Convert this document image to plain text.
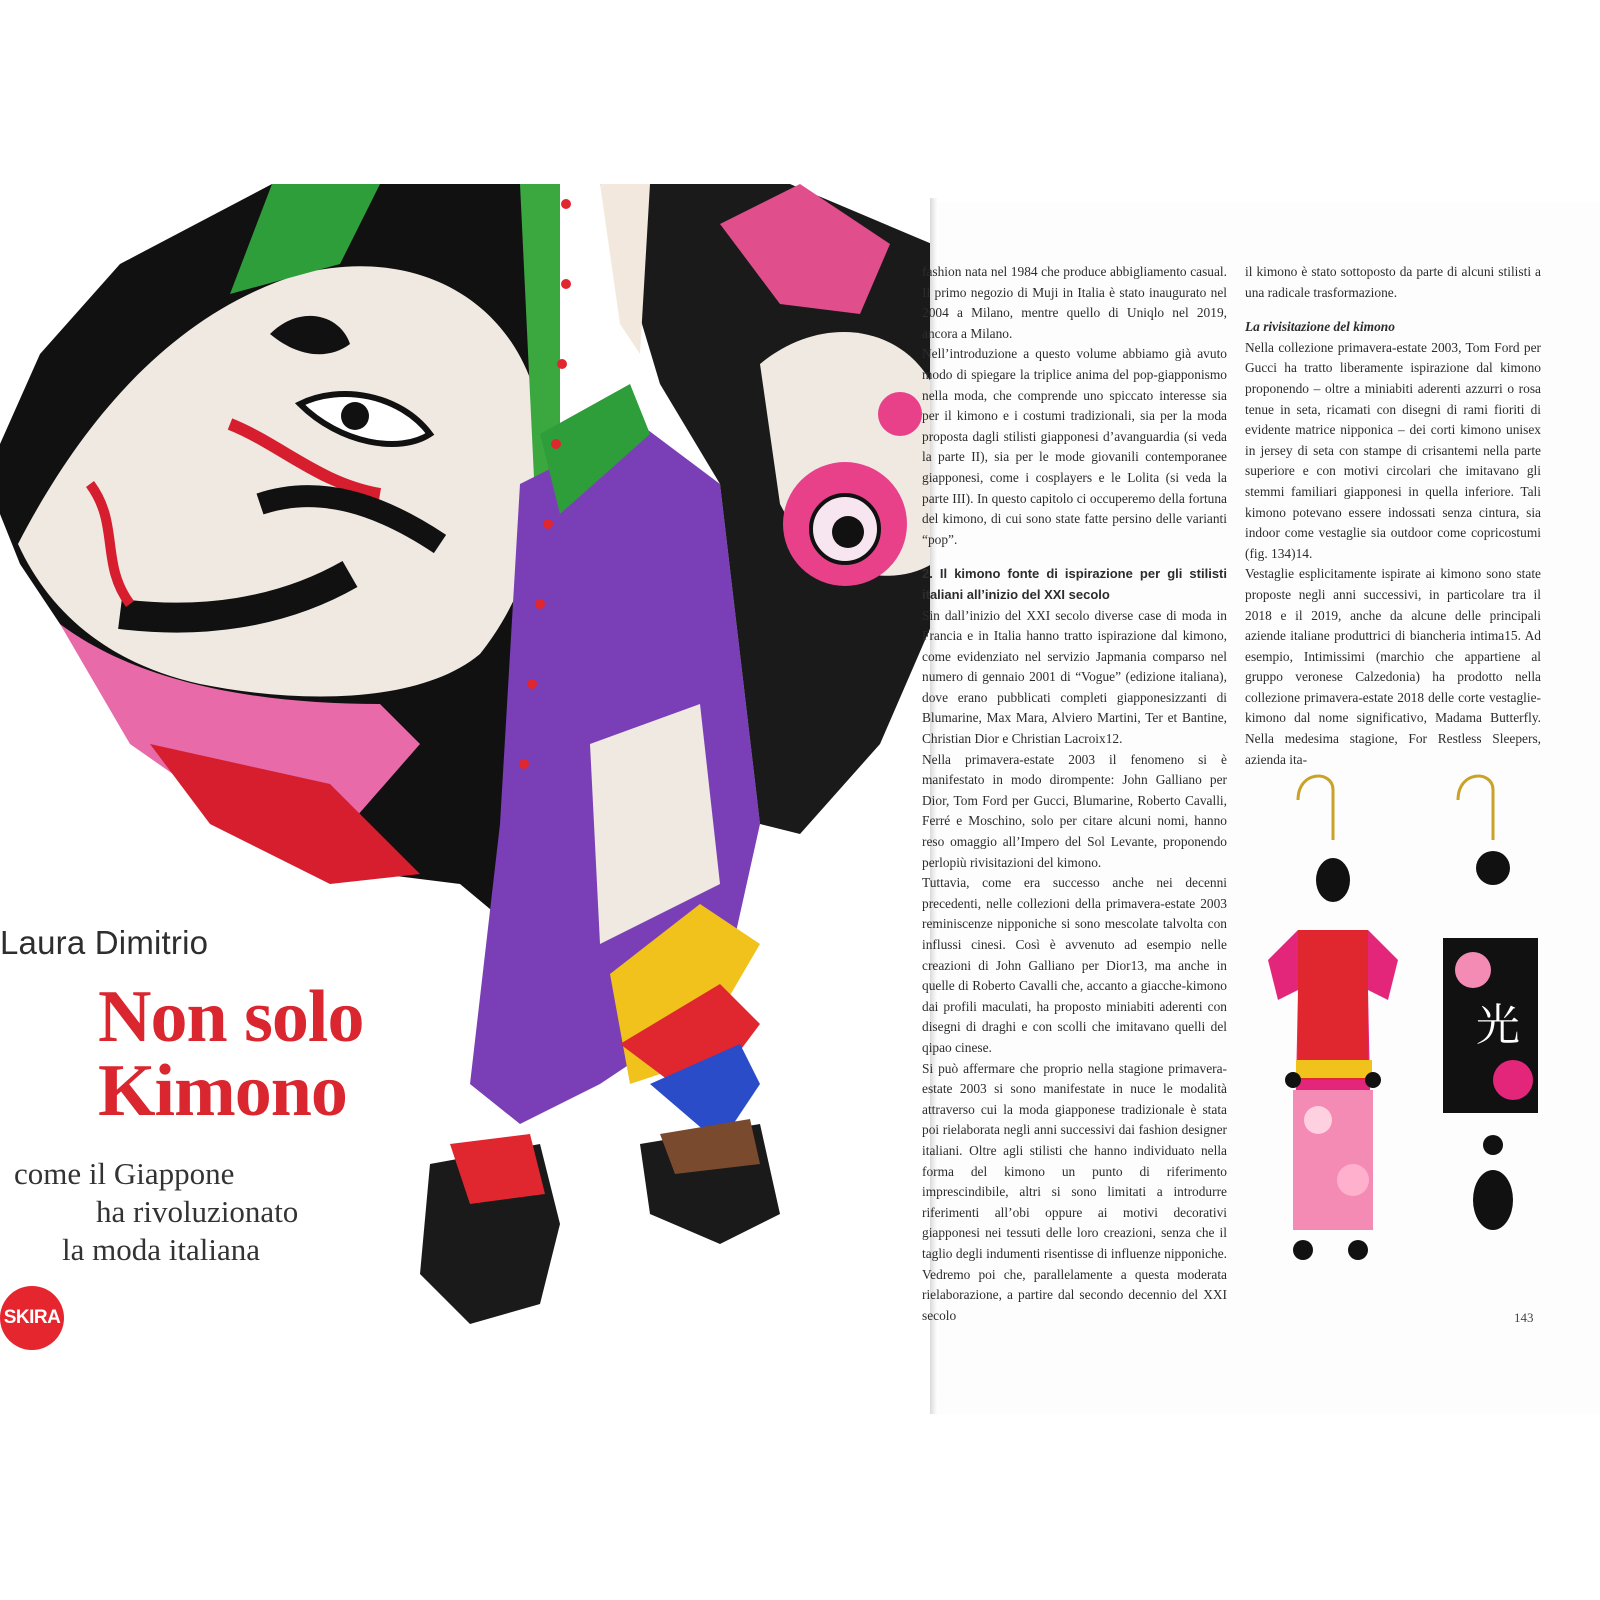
Laura Dimitrio
Non solo
Kimono
come il Giappone
ha rivoluzionato
la moda italiana
SKIRA

fashion nata nel 1984 che produce abbigliamento casual. Il primo negozio di Muji in Italia è stato inaugurato nel 2004 a Milano, mentre quello di Uniqlo nel 2019, ancora a Milano.

Nell’introduzione a questo volume abbiamo già avuto modo di spiegare la triplice anima del pop-giapponismo nella moda, che comprende uno spiccato interesse sia per il kimono e i costumi tradizionali, sia per la moda proposta dagli stilisti giapponesi d’avanguardia (si veda la parte II), sia per le mode giovanili contemporanee giapponesi, come i cosplayers e le Lolita (si veda la parte III). In questo capitolo ci occuperemo della fortuna del kimono, di cui sono state fatte persino delle varianti “pop”.

2. Il kimono fonte di ispirazione per gli stilisti italiani all’inizio del XXI secolo

Sin dall’inizio del XXI secolo diverse case di moda in Francia e in Italia hanno tratto ispirazione dal kimono, come evidenziato nel servizio Japmania comparso nel numero di gennaio 2001 di “Vogue” (edizione italiana), dove erano pubblicati completi giapponesizzanti di Blumarine, Max Mara, Alviero Martini, Ter et Bantine, Christian Dior e Christian Lacroix12.

Nella primavera-estate 2003 il fenomeno si è manifestato in modo dirompente: John Galliano per Dior, Tom Ford per Gucci, Blumarine, Roberto Cavalli, Ferré e Moschino, solo per citare alcuni nomi, hanno reso omaggio all’Impero del Sol Levante, proponendo perlopiù rivisitazioni del kimono.

Tuttavia, come era successo anche nei decenni precedenti, nelle collezioni della primavera-estate 2003 reminiscenze nipponiche si sono mescolate talvolta con influssi cinesi. Così è avvenuto ad esempio nelle creazioni di John Galliano per Dior13, ma anche in quelle di Roberto Cavalli che, accanto a giacche-kimono dai profili maculati, ha proposto miniabiti aderenti con disegni di draghi e con scolli che imitavano quelli del qipao cinese.

Si può affermare che proprio nella stagione primavera-estate 2003 si sono manifestate in nuce le modalità attraverso cui la moda giapponese tradizionale è stata poi rielaborata negli anni successivi dai fashion designer italiani. Oltre agli stilisti che hanno individuato nella forma del kimono un punto di riferimento imprescindibile, altri si sono limitati a introdurre riferimenti all’obi oppure ai motivi decorativi giapponesi nei tessuti delle loro creazioni, senza che il taglio degli indumenti risentisse di influenze nipponiche. Vedremo poi che, parallelamente a questa moderata rielaborazione, a partire dal secondo decennio del XXI secolo

il kimono è stato sottoposto da parte di alcuni stilisti a una radicale trasformazione.

La rivisitazione del kimono

Nella collezione primavera-estate 2003, Tom Ford per Gucci ha tratto liberamente ispirazione dal kimono proponendo – oltre a miniabiti aderenti azzurri o rosa tenue in seta, ricamati con disegni di rami fioriti di evidente matrice nipponica – dei corti kimono unisex in jersey di seta con stampe di crisantemi nella parte superiore e con motivi circolari che imitavano gli stemmi familiari giapponesi in quella inferiore. Tali kimono potevano essere indossati senza cintura, sia indoor come vestaglie sia outdoor come copricostumi (fig. 134)14.

Vestaglie esplicitamente ispirate ai kimono sono state proposte negli anni successivi, in particolare tra il 2018 e il 2019, anche da alcune delle principali aziende italiane produttrici di biancheria intima15. Ad esempio, Intimissimi (marchio che appartiene al gruppo veronese Calzedonia) ha prodotto nella collezione primavera-estate 2018 delle corte vestaglie-kimono dal nome significativo, Madama Butterfly. Nella medesima stagione, For Restless Sleepers, azienda ita-

光
143
